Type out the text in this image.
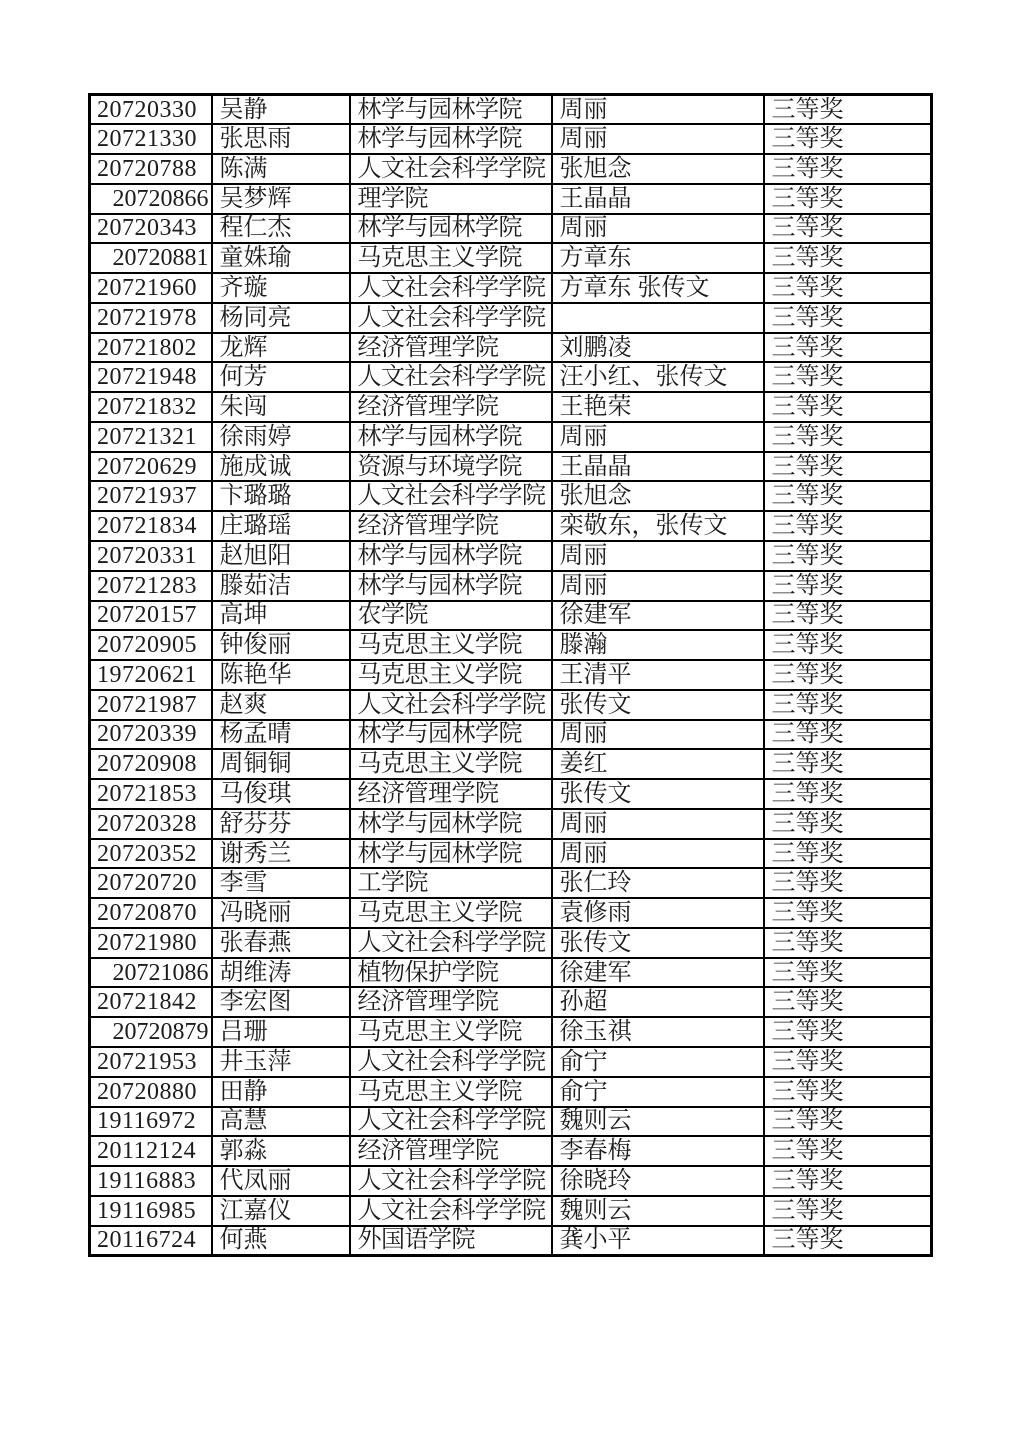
20720330	吴静	林学与园林学院	周丽	三等奖
20721330	张思雨	林学与园林学院	周丽	三等奖
20720788	陈满	人文社会科学学院	张旭念	三等奖
20720866	吴梦辉	理学院	王晶晶	三等奖
20720343	程仁杰	林学与园林学院	周丽	三等奖
20720881	童姝瑜	马克思主义学院	方章东	三等奖
20721960	齐璇	人文社会科学学院	方章东 张传文	三等奖
20721978	杨同亮	人文社会科学学院		三等奖
20721802	龙辉	经济管理学院	刘鹏凌	三等奖
20721948	何芳	人文社会科学学院	汪小红、张传文	三等奖
20721832	朱闯	经济管理学院	王艳荣	三等奖
20721321	徐雨婷	林学与园林学院	周丽	三等奖
20720629	施成诚	资源与环境学院	王晶晶	三等奖
20721937	卞璐璐	人文社会科学学院	张旭念	三等奖
20721834	庄璐瑶	经济管理学院	栾敬东，张传文	三等奖
20720331	赵旭阳	林学与园林学院	周丽	三等奖
20721283	滕茹洁	林学与园林学院	周丽	三等奖
20720157	高坤	农学院	徐建军	三等奖
20720905	钟俊丽	马克思主义学院	滕瀚	三等奖
19720621	陈艳华	马克思主义学院	王清平	三等奖
20721987	赵爽	人文社会科学学院	张传文	三等奖
20720339	杨孟晴	林学与园林学院	周丽	三等奖
20720908	周铜铜	马克思主义学院	姜红	三等奖
20721853	马俊琪	经济管理学院	张传文	三等奖
20720328	舒芬芬	林学与园林学院	周丽	三等奖
20720352	谢秀兰	林学与园林学院	周丽	三等奖
20720720	李雪	工学院	张仁玲	三等奖
20720870	冯晓丽	马克思主义学院	袁修雨	三等奖
20721980	张春燕	人文社会科学学院	张传文	三等奖
20721086	胡维涛	植物保护学院	徐建军	三等奖
20721842	李宏图	经济管理学院	孙超	三等奖
20720879	吕珊	马克思主义学院	徐玉祺	三等奖
20721953	井玉萍	人文社会科学学院	俞宁	三等奖
20720880	田静	马克思主义学院	俞宁	三等奖
19116972	高慧	人文社会科学学院	魏则云	三等奖
20112124	郭淼	经济管理学院	李春梅	三等奖
19116883	代凤丽	人文社会科学学院	徐晓玲	三等奖
19116985	江嘉仪	人文社会科学学院	魏则云	三等奖
20116724	何燕	外国语学院	龚小平	三等奖
